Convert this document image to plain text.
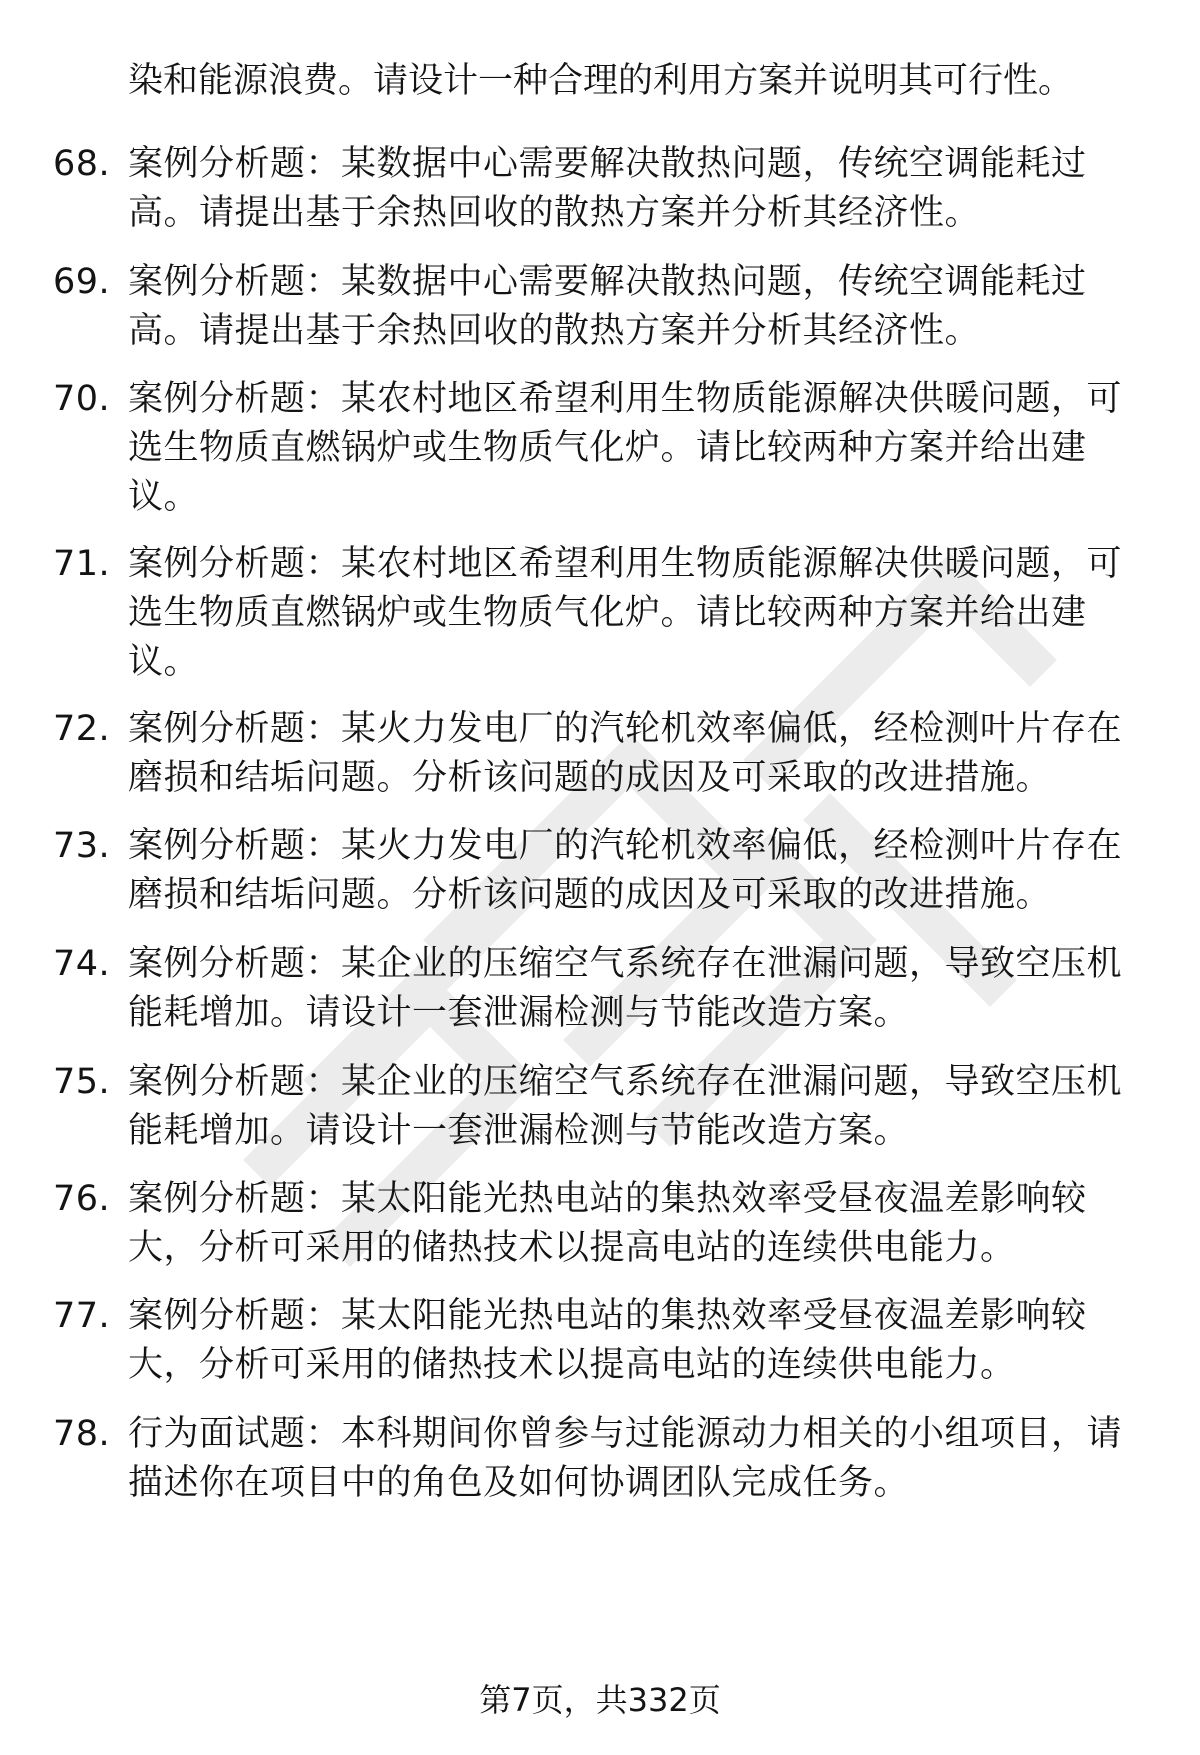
染和能源浪费。请设计一种合理的利用方案并说明其可行性。
68. 案例分析题：某数据中心需要解决散热问题，传统空调能耗过
高。请提出基于余热回收的散热方案并分析其经济性。
69. 案例分析题：某数据中心需要解决散热问题，传统空调能耗过
高。请提出基于余热回收的散热方案并分析其经济性。
70. 案例分析题：某农村地区希望利用生物质能源解决供暖问题，可
选生物质直燃锅炉或生物质气化炉。请比较两种方案并给出建
议。
71. 案例分析题：某农村地区希望利用生物质能源解决供暖问题，可
选生物质直燃锅炉或生物质气化炉。请比较两种方案并给出建
议。
72. 案例分析题：某火力发电厂的汽轮机效率偏低，经检测叶片存在
磨损和结垢问题。分析该问题的成因及可采取的改进措施。
73. 案例分析题：某火力发电厂的汽轮机效率偏低，经检测叶片存在
磨损和结垢问题。分析该问题的成因及可采取的改进措施。
74. 案例分析题：某企业的压缩空气系统存在泄漏问题，导致空压机
能耗增加。请设计一套泄漏检测与节能改造方案。
75. 案例分析题：某企业的压缩空气系统存在泄漏问题，导致空压机
能耗增加。请设计一套泄漏检测与节能改造方案。
76. 案例分析题：某太阳能光热电站的集热效率受昼夜温差影响较
大，分析可采用的储热技术以提高电站的连续供电能力。
77. 案例分析题：某太阳能光热电站的集热效率受昼夜温差影响较
大，分析可采用的储热技术以提高电站的连续供电能力。
78. 行为面试题：本科期间你曾参与过能源动力相关的小组项目，请
描述你在项目中的角色及如何协调团队完成任务。
第7页，共332页
